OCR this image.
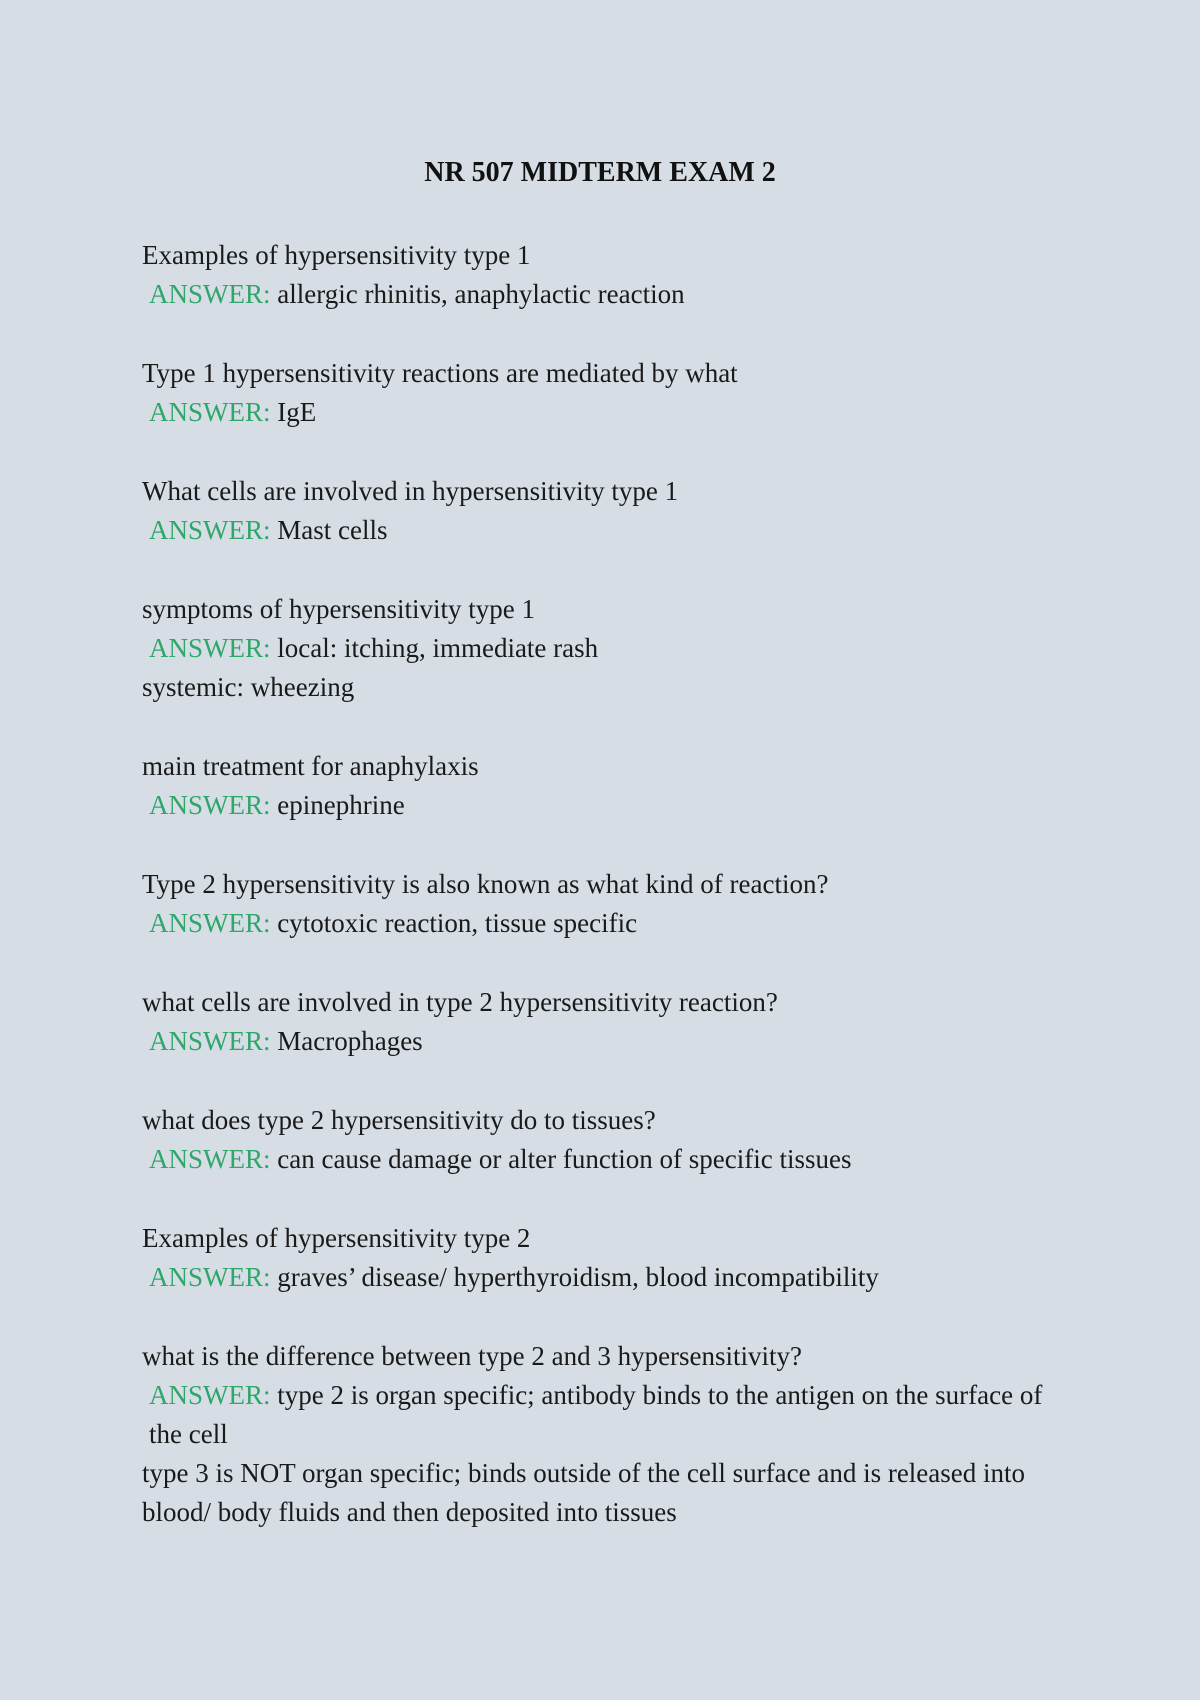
NR 507 MIDTERM EXAM 2

Examples of hypersensitivity type 1

ANSWER: allergic rhinitis, anaphylactic reaction

Type 1 hypersensitivity reactions are mediated by what

ANSWER: IgE

What cells are involved in hypersensitivity type 1

ANSWER: Mast cells

symptoms of hypersensitivity type 1

ANSWER: local: itching, immediate rash

systemic: wheezing

main treatment for anaphylaxis

ANSWER: epinephrine

Type 2 hypersensitivity is also known as what kind of reaction?

ANSWER: cytotoxic reaction, tissue specific

what cells are involved in type 2 hypersensitivity reaction?

ANSWER: Macrophages

what does type 2 hypersensitivity do to tissues?

ANSWER: can cause damage or alter function of specific tissues

Examples of hypersensitivity type 2

ANSWER: graves’ disease/ hyperthyroidism, blood incompatibility

what is the difference between type 2 and 3 hypersensitivity?

ANSWER: type 2 is organ specific; antibody binds to the antigen on the surface of the cell

type 3 is NOT organ specific; binds outside of the cell surface and is released into blood/ body fluids and then deposited into tissues
